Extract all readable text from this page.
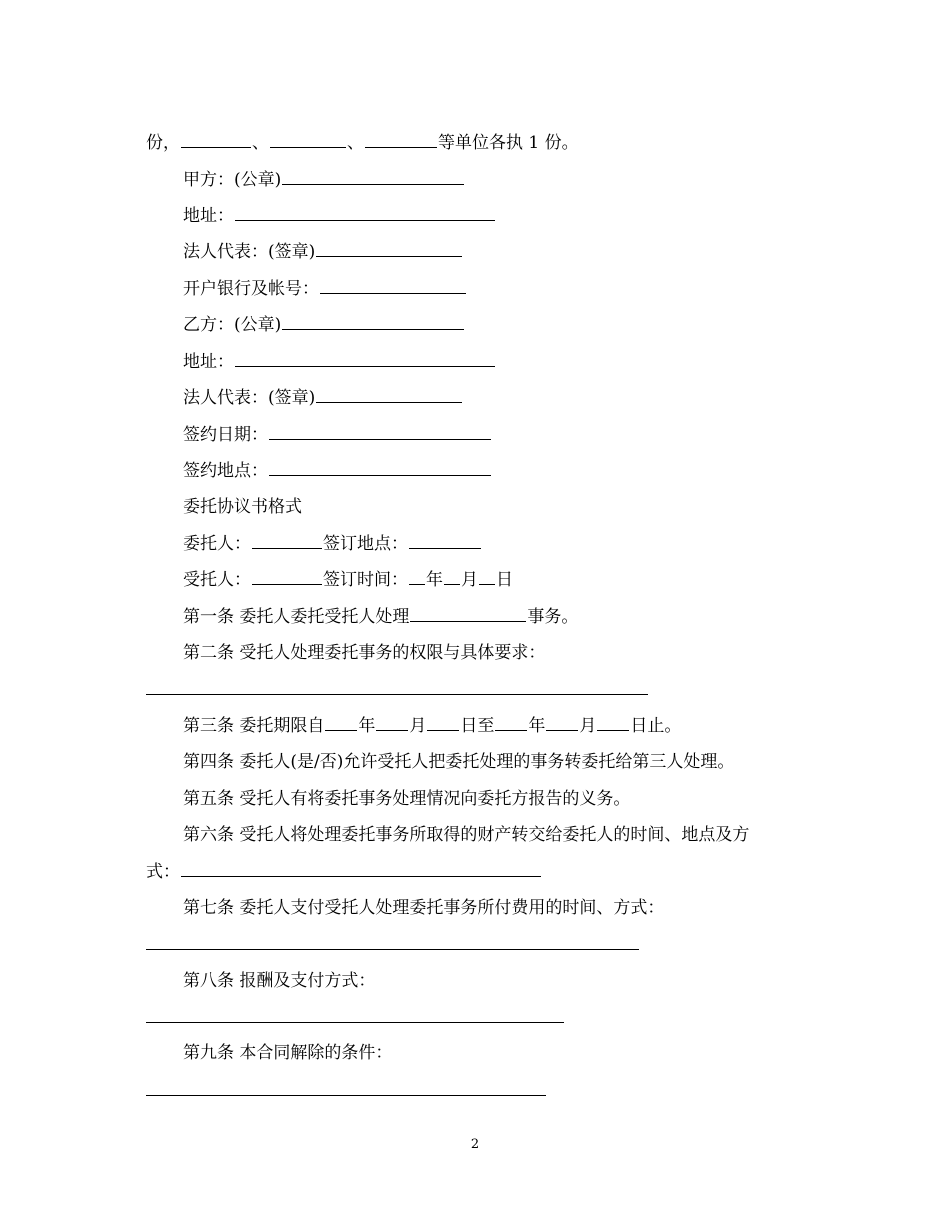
份，	、	、	等单位各执 1 份。
甲方：(公章)
地址：
法人代表：(签章)
开户银行及帐号：
乙方：(公章)
地址：
法人代表：(签章)
签约日期：
签约地点：
委托协议书格式
委托人：	签订地点：
受托人：	签订时间： 年 月 日
第一条 委托人委托受托人处理	事务。
第二条 受托人处理委托事务的权限与具体要求：
第三条 委托期限自 年 月 日至 年 月 日止。
第四条 委托人(是/否)允许受托人把委托处理的事务转委托给第三人处理。
第五条 受托人有将委托事务处理情况向委托方报告的义务。
第六条 受托人将处理委托事务所取得的财产转交给委托人的时间、地点及方
式：
第七条 委托人支付受托人处理委托事务所付费用的时间、方式：
第八条 报酬及支付方式：
第九条 本合同解除的条件：
2
